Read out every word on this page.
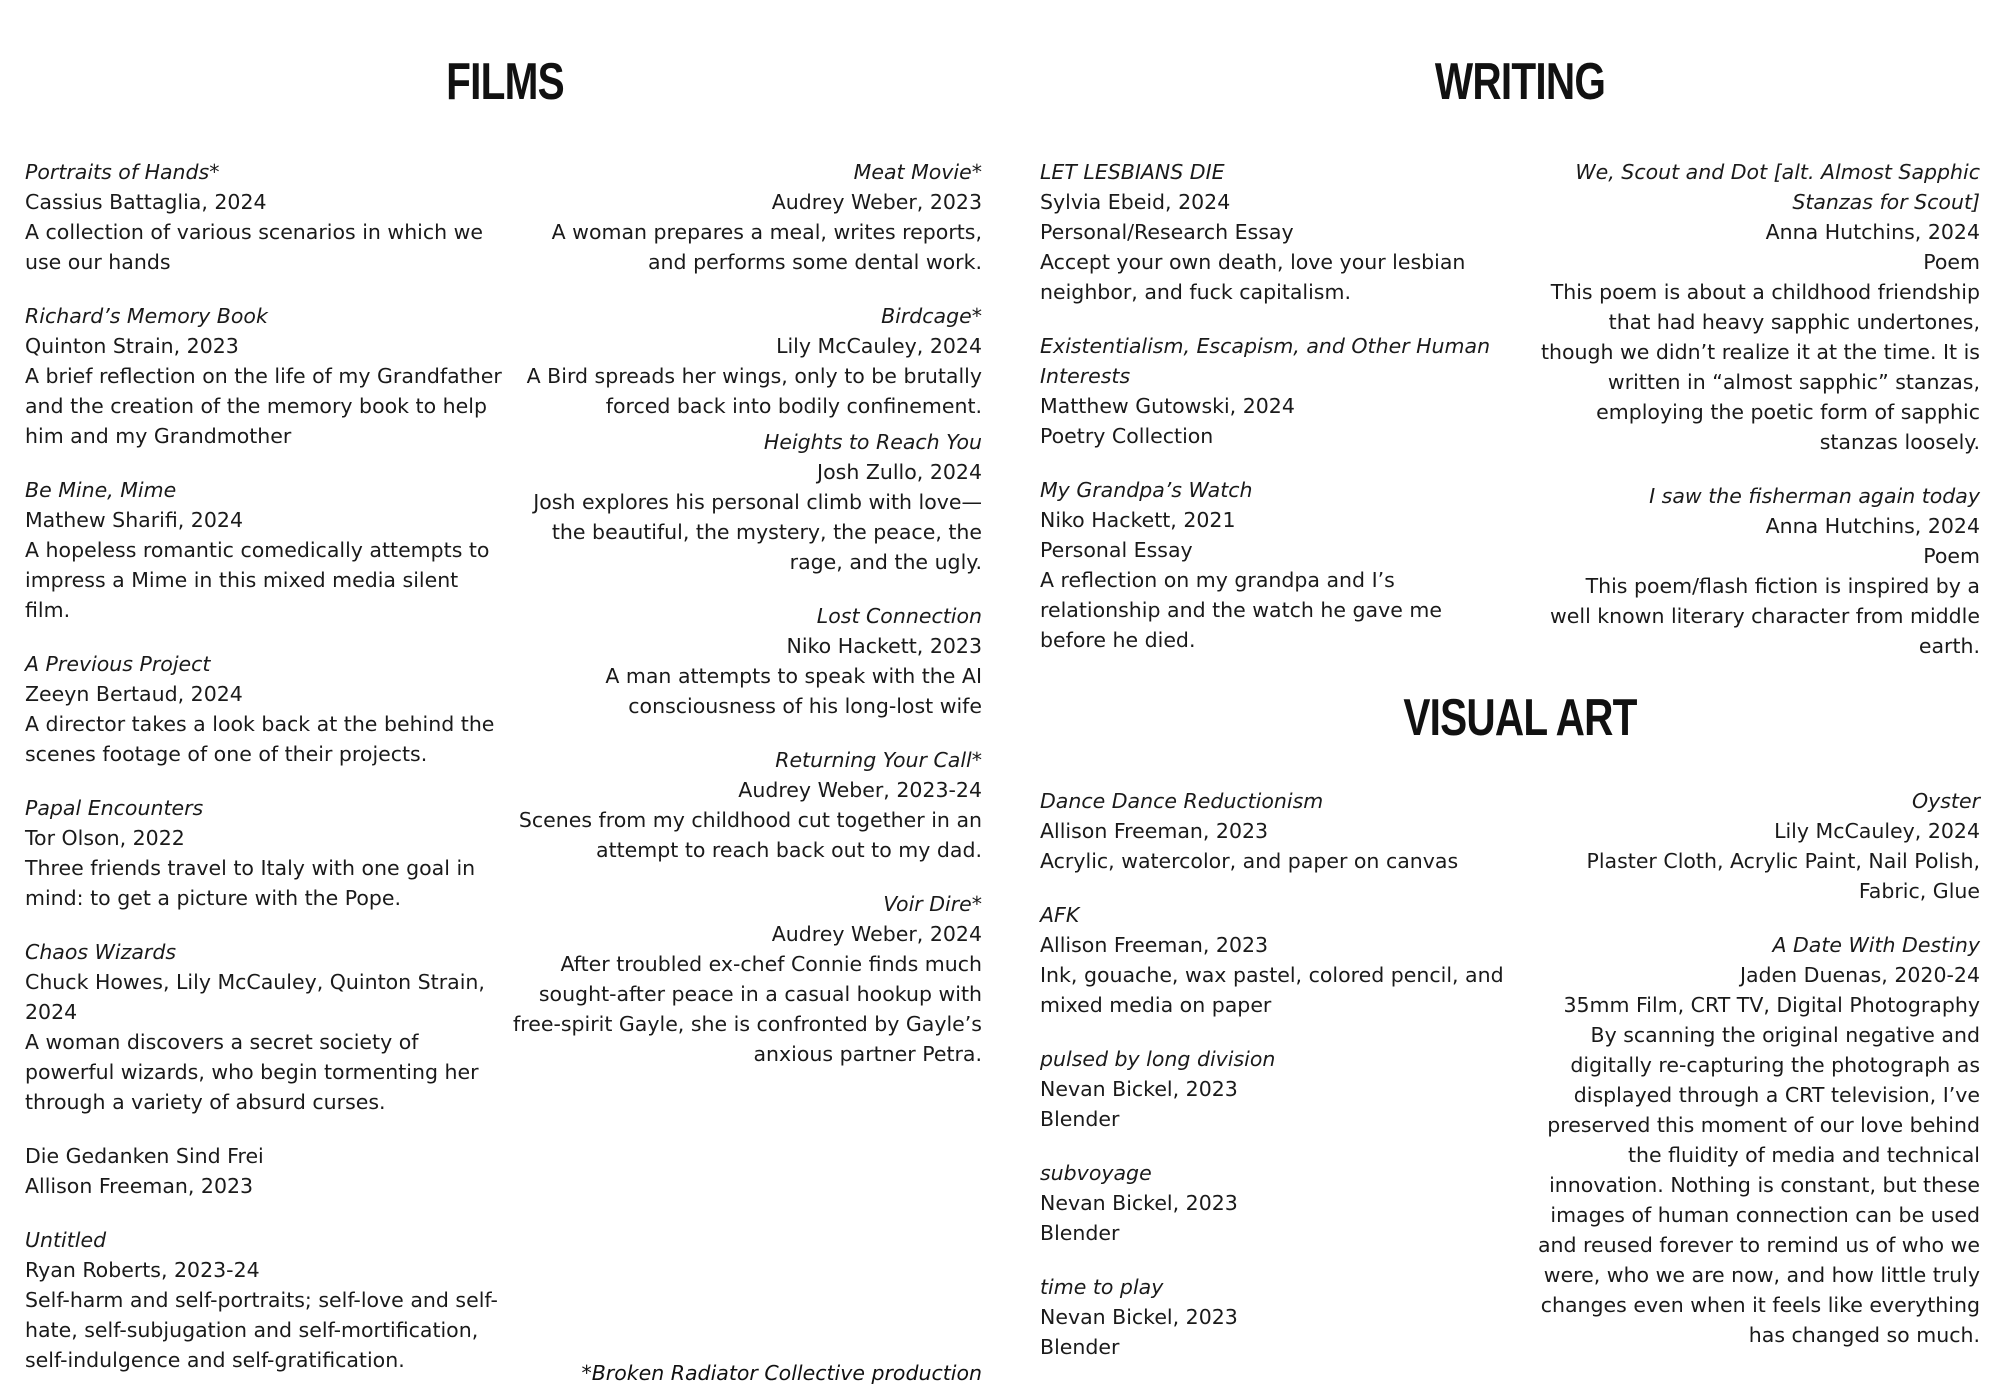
FILMS	WRITING
VISUAL ART
Portraits of Hands*
Cassius Battaglia, 2024
A collection of various scenarios in which we use our hands
Richard’s Memory Book
Quinton Strain, 2023
A brief reflection on the life of my Grandfather and the creation of the memory book to help him and my Grandmother
Be Mine, Mime
Mathew Sharifi, 2024
A hopeless romantic comedically attempts to impress a Mime in this mixed media silent film.
A Previous Project
Zeeyn Bertaud, 2024
A director takes a look back at the behind the scenes footage of one of their projects.
Papal Encounters
Tor Olson, 2022
Three friends travel to Italy with one goal in mind: to get a picture with the Pope.
Chaos Wizards
Chuck Howes, Lily McCauley, Quinton Strain, 2024
A woman discovers a secret society of powerful wizards, who begin tormenting her through a variety of absurd curses.
Die Gedanken Sind Frei
Allison Freeman, 2023
Untitled
Ryan Roberts, 2023-24
Self-harm and self-portraits; self-love and self-hate, self-subjugation and self-mortification, self-indulgence and self-gratification.
Meat Movie*
Audrey Weber, 2023
A woman prepares a meal, writes reports, and performs some dental work.
Birdcage*
Lily McCauley, 2024
A Bird spreads her wings, only to be brutally forced back into bodily confinement.
Heights to Reach You
Josh Zullo, 2024
Josh explores his personal climb with love— the beautiful, the mystery, the peace, the rage, and the ugly.
Lost Connection
Niko Hackett, 2023
A man attempts to speak with the AI consciousness of his long-lost wife
Returning Your Call*
Audrey Weber, 2023-24
Scenes from my childhood cut together in an attempt to reach back out to my dad.
Voir Dire*
Audrey Weber, 2024
After troubled ex-chef Connie finds much sought-after peace in a casual hookup with free-spirit Gayle, she is confronted by Gayle’s anxious partner Petra.
*Broken Radiator Collective production
LET LESBIANS DIE
Sylvia Ebeid, 2024
Personal/Research Essay
Accept your own death, love your lesbian neighbor, and fuck capitalism.
Existentialism, Escapism, and Other Human Interests
Matthew Gutowski, 2024
Poetry Collection
My Grandpa’s Watch
Niko Hackett, 2021
Personal Essay
A reflection on my grandpa and I’s relationship and the watch he gave me before he died.
We, Scout and Dot [alt. Almost Sapphic Stanzas for Scout]
Anna Hutchins, 2024
Poem
This poem is about a childhood friendship that had heavy sapphic undertones, though we didn’t realize it at the time. It is written in “almost sapphic” stanzas, employing the poetic form of sapphic stanzas loosely.
I saw the fisherman again today
Anna Hutchins, 2024
Poem
This poem/flash fiction is inspired by a well known literary character from middle earth.
Dance Dance Reductionism
Allison Freeman, 2023
Acrylic, watercolor, and paper on canvas
AFK
Allison Freeman, 2023
Ink, gouache, wax pastel, colored pencil, and mixed media on paper
pulsed by long division
Nevan Bickel, 2023
Blender
subvoyage
Nevan Bickel, 2023
Blender
time to play
Nevan Bickel, 2023
Blender
Oyster
Lily McCauley, 2024
Plaster Cloth, Acrylic Paint, Nail Polish, Fabric, Glue
A Date With Destiny
Jaden Duenas, 2020-24
35mm Film, CRT TV, Digital Photography
By scanning the original negative and digitally re-capturing the photograph as displayed through a CRT television, I’ve preserved this moment of our love behind the fluidity of media and technical innovation. Nothing is constant, but these images of human connection can be used and reused forever to remind us of who we were, who we are now, and how little truly changes even when it feels like everything has changed so much.
